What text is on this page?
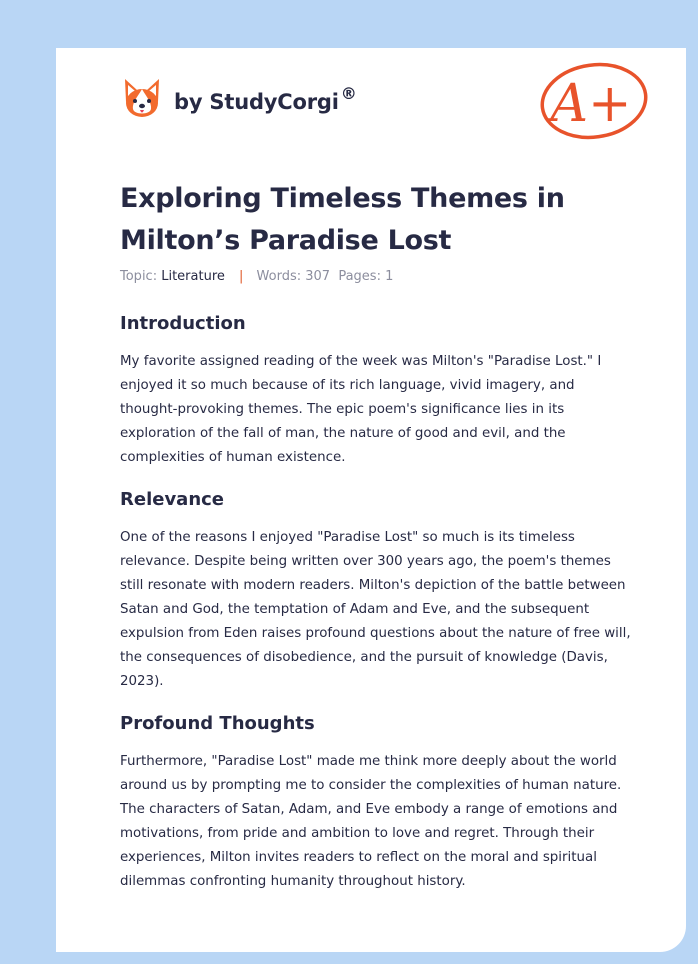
by StudyCorgi ®	A+
Exploring Timeless Themes in Milton’s Paradise Lost
Topic: Literature | Words: 307 Pages: 1
Introduction

My favorite assigned reading of the week was Milton's "Paradise Lost." I enjoyed it so much because of its rich language, vivid imagery, and thought-provoking themes. The epic poem's significance lies in its exploration of the fall of man, the nature of good and evil, and the complexities of human existence.

Relevance

One of the reasons I enjoyed "Paradise Lost" so much is its timeless relevance. Despite being written over 300 years ago, the poem's themes still resonate with modern readers. Milton's depiction of the battle between Satan and God, the temptation of Adam and Eve, and the subsequent expulsion from Eden raises profound questions about the nature of free will, the consequences of disobedience, and the pursuit of knowledge (Davis, 2023).

Profound Thoughts

Furthermore, "Paradise Lost" made me think more deeply about the world around us by prompting me to consider the complexities of human nature. The characters of Satan, Adam, and Eve embody a range of emotions and motivations, from pride and ambition to love and regret. Through their experiences, Milton invites readers to reflect on the moral and spiritual dilemmas confronting humanity throughout history.
